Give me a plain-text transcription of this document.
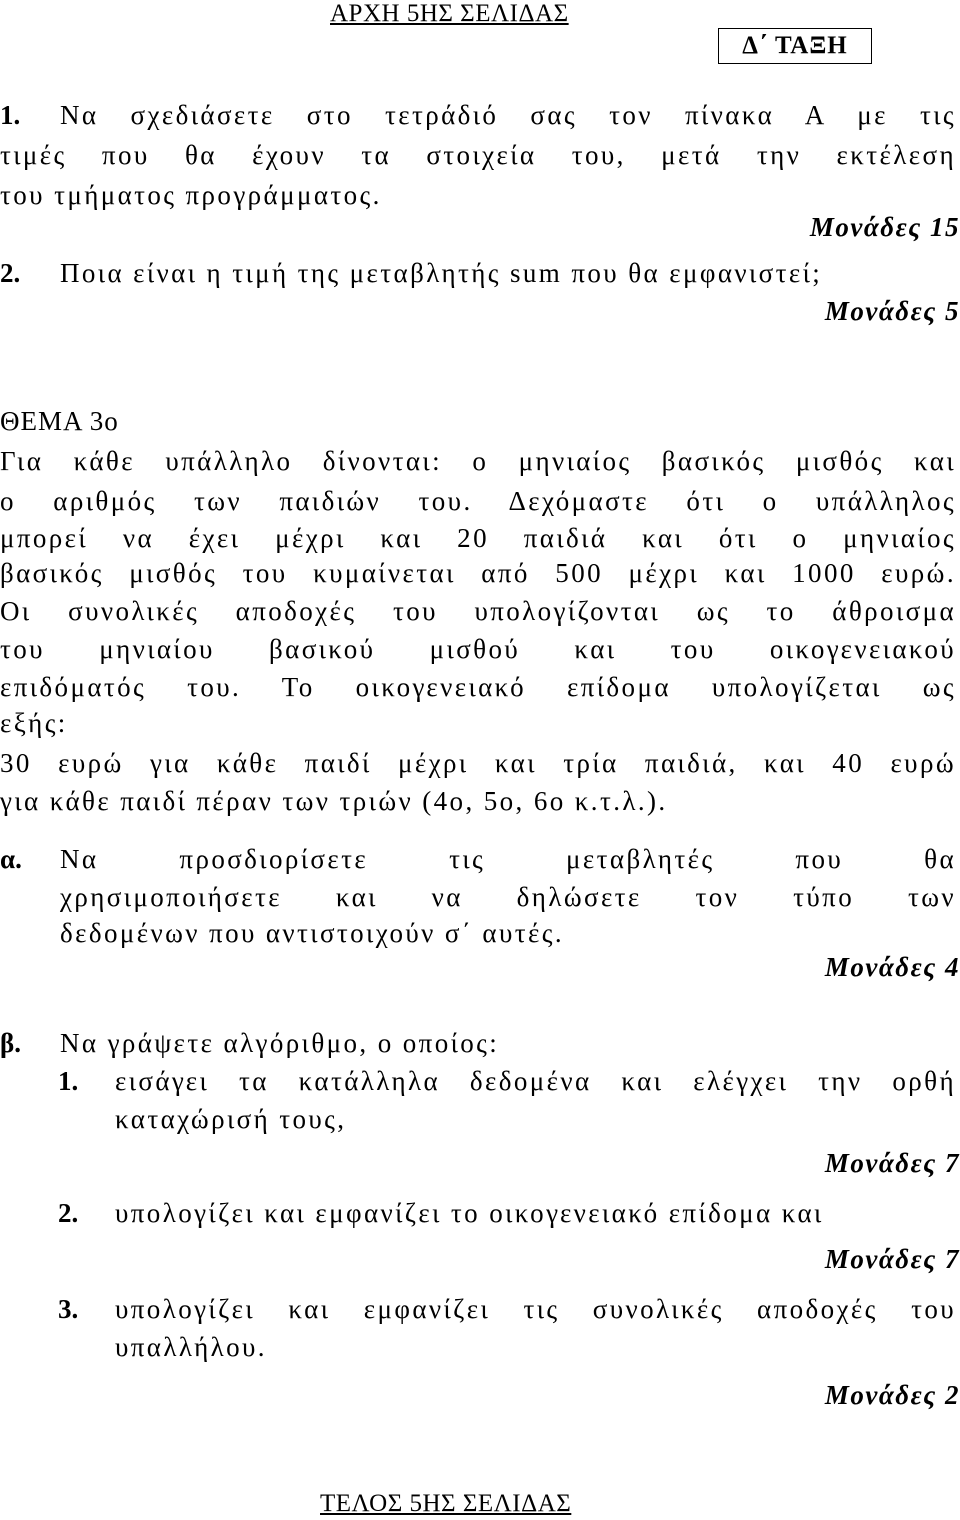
ΑΡΧΗ 5ΗΣ ΣΕΛΙΔΑΣ
Δ΄ ΤΑΞΗ
1. Να σχεδιάσετε στο τετράδιό σας τον πίνακα Α με τις
τιμές που θα έχουν τα στοιχεία του, μετά την εκτέλεση
του τμήματος προγράμματος.
Μονάδες 15
2. Ποια είναι η τιμή της μεταβλητής sum που θα εμφανιστεί;
Μονάδες 5
ΘΕΜΑ 3ο
Για κάθε υπάλληλο δίνονται: ο μηνιαίος βασικός μισθός και
ο αριθμός των παιδιών του. Δεχόμαστε ότι ο υπάλληλος
μπορεί να έχει μέχρι και 20 παιδιά και ότι ο μηνιαίος
βασικός μισθός του κυμαίνεται από 500 μέχρι και 1000 ευρώ.
Οι συνολικές αποδοχές του υπολογίζονται ως το άθροισμα
του μηνιαίου βασικού μισθού και του οικογενειακού
επιδόματός του. Το οικογενειακό επίδομα υπολογίζεται ως
εξής:
30 ευρώ για κάθε παιδί μέχρι και τρία παιδιά, και 40 ευρώ
για κάθε παιδί πέραν των τριών (4ο, 5ο, 6ο κ.τ.λ.).
α. Να προσδιορίσετε τις μεταβλητές που θα
χρησιμοποιήσετε και να δηλώσετε τον τύπο των
δεδομένων που αντιστοιχούν σ΄ αυτές.
Μονάδες 4
β. Να γράψετε αλγόριθμο, ο οποίος:
1. εισάγει τα κατάλληλα δεδομένα και ελέγχει την ορθή
καταχώρισή τους,
Μονάδες 7
2. υπολογίζει και εμφανίζει το οικογενειακό επίδομα και
Μονάδες 7
3. υπολογίζει και εμφανίζει τις συνολικές αποδοχές του
υπαλλήλου.
Μονάδες 2
ΤΕΛΟΣ 5ΗΣ ΣΕΛΙΔΑΣ
